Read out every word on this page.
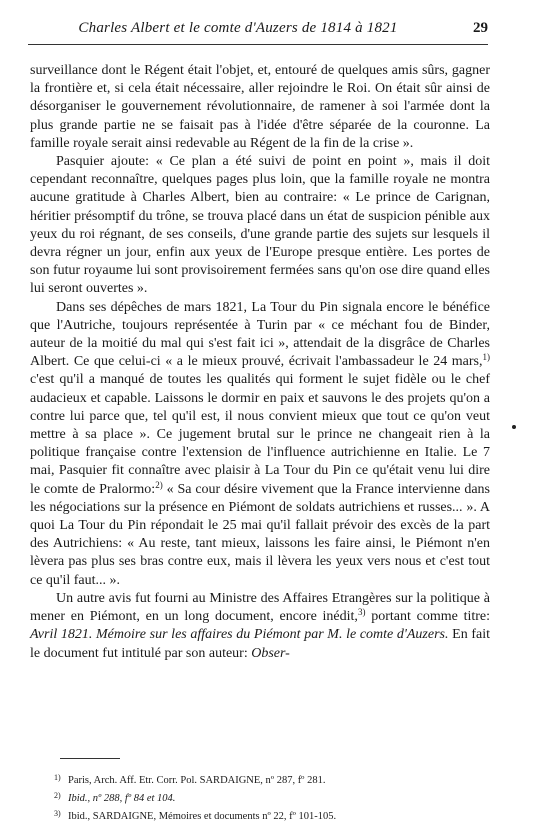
Charles Albert et le comte d'Auzers de 1814 à 1821	29

surveillance dont le Régent était l'objet, et, entouré de quelques amis sûrs, gagner la frontière et, si cela était nécessaire, aller rejoindre le Roi. On était sûr ainsi de désorganiser le gouvernement révolutionnaire, de ramener à soi l'armée dont la plus grande partie ne se faisait pas à l'idée d'être séparée de la couronne. La famille royale serait ainsi redevable au Régent de la fin de la crise ».

Pasquier ajoute: « Ce plan a été suivi de point en point », mais il doit cependant reconnaître, quelques pages plus loin, que la famille royale ne montra aucune gratitude à Charles Albert, bien au contraire: « Le prince de Carignan, héritier présomptif du trône, se trouva placé dans un état de suspicion pénible aux yeux du roi régnant, de ses conseils, d'une grande partie des sujets sur lesquels il devra régner un jour, enfin aux yeux de l'Europe presque entière. Les portes de son futur royaume lui sont provisoirement fermées sans qu'on ose dire quand elles lui seront ouvertes ».

Dans ses dépêches de mars 1821, La Tour du Pin signala encore le bénéfice que l'Autriche, toujours représentée à Turin par « ce méchant fou de Binder, auteur de la moitié du mal qui s'est fait ici », attendait de la disgrâce de Charles Albert. Ce que celui-ci « a le mieux prouvé, écrivait l'ambassadeur le 24 mars,$^{1)}$ c'est qu'il a manqué de toutes les qualités qui forment le sujet fidèle ou le chef audacieux et capable. Laissons le dormir en paix et sauvons le des projets qu'on a contre lui parce que, tel qu'il est, il nous convient mieux que tout ce qu'on veut mettre à sa place ». Ce jugement brutal sur le prince ne changeait rien à la politique française contre l'extension de l'influence autrichienne en Italie. Le 7 mai, Pasquier fit connaître avec plaisir à La Tour du Pin ce qu'était venu lui dire le comte de Pralormo:$^{2)}$ « Sa cour désire vivement que la France intervienne dans les négociations sur la présence en Piémont de soldats autrichiens et russes... ». A quoi La Tour du Pin répondait le 25 mai qu'il fallait prévoir des excès de la part des Autrichiens: « Au reste, tant mieux, laissons les faire ainsi, le Piémont n'en lèvera pas plus ses bras contre eux, mais il lèvera les yeux vers nous et c'est tout ce qu'il faut... ».

Un autre avis fut fourni au Ministre des Affaires Etrangères sur la politique à mener en Piémont, en un long document, encore inédit,$^{3)}$ portant comme titre: Avril 1821. Mémoire sur les affaires du Piémont par M. le comte d'Auzers. En fait le document fut intitulé par son auteur: Obser-

1) Paris, Arch. Aff. Etr. Corr. Pol. SARDAIGNE, nº 287, fº 281.
2) Ibid., nº 288, fº 84 et 104.
3) Ibid., SARDAIGNE, Mémoires et documents nº 22, fº 101-105.
